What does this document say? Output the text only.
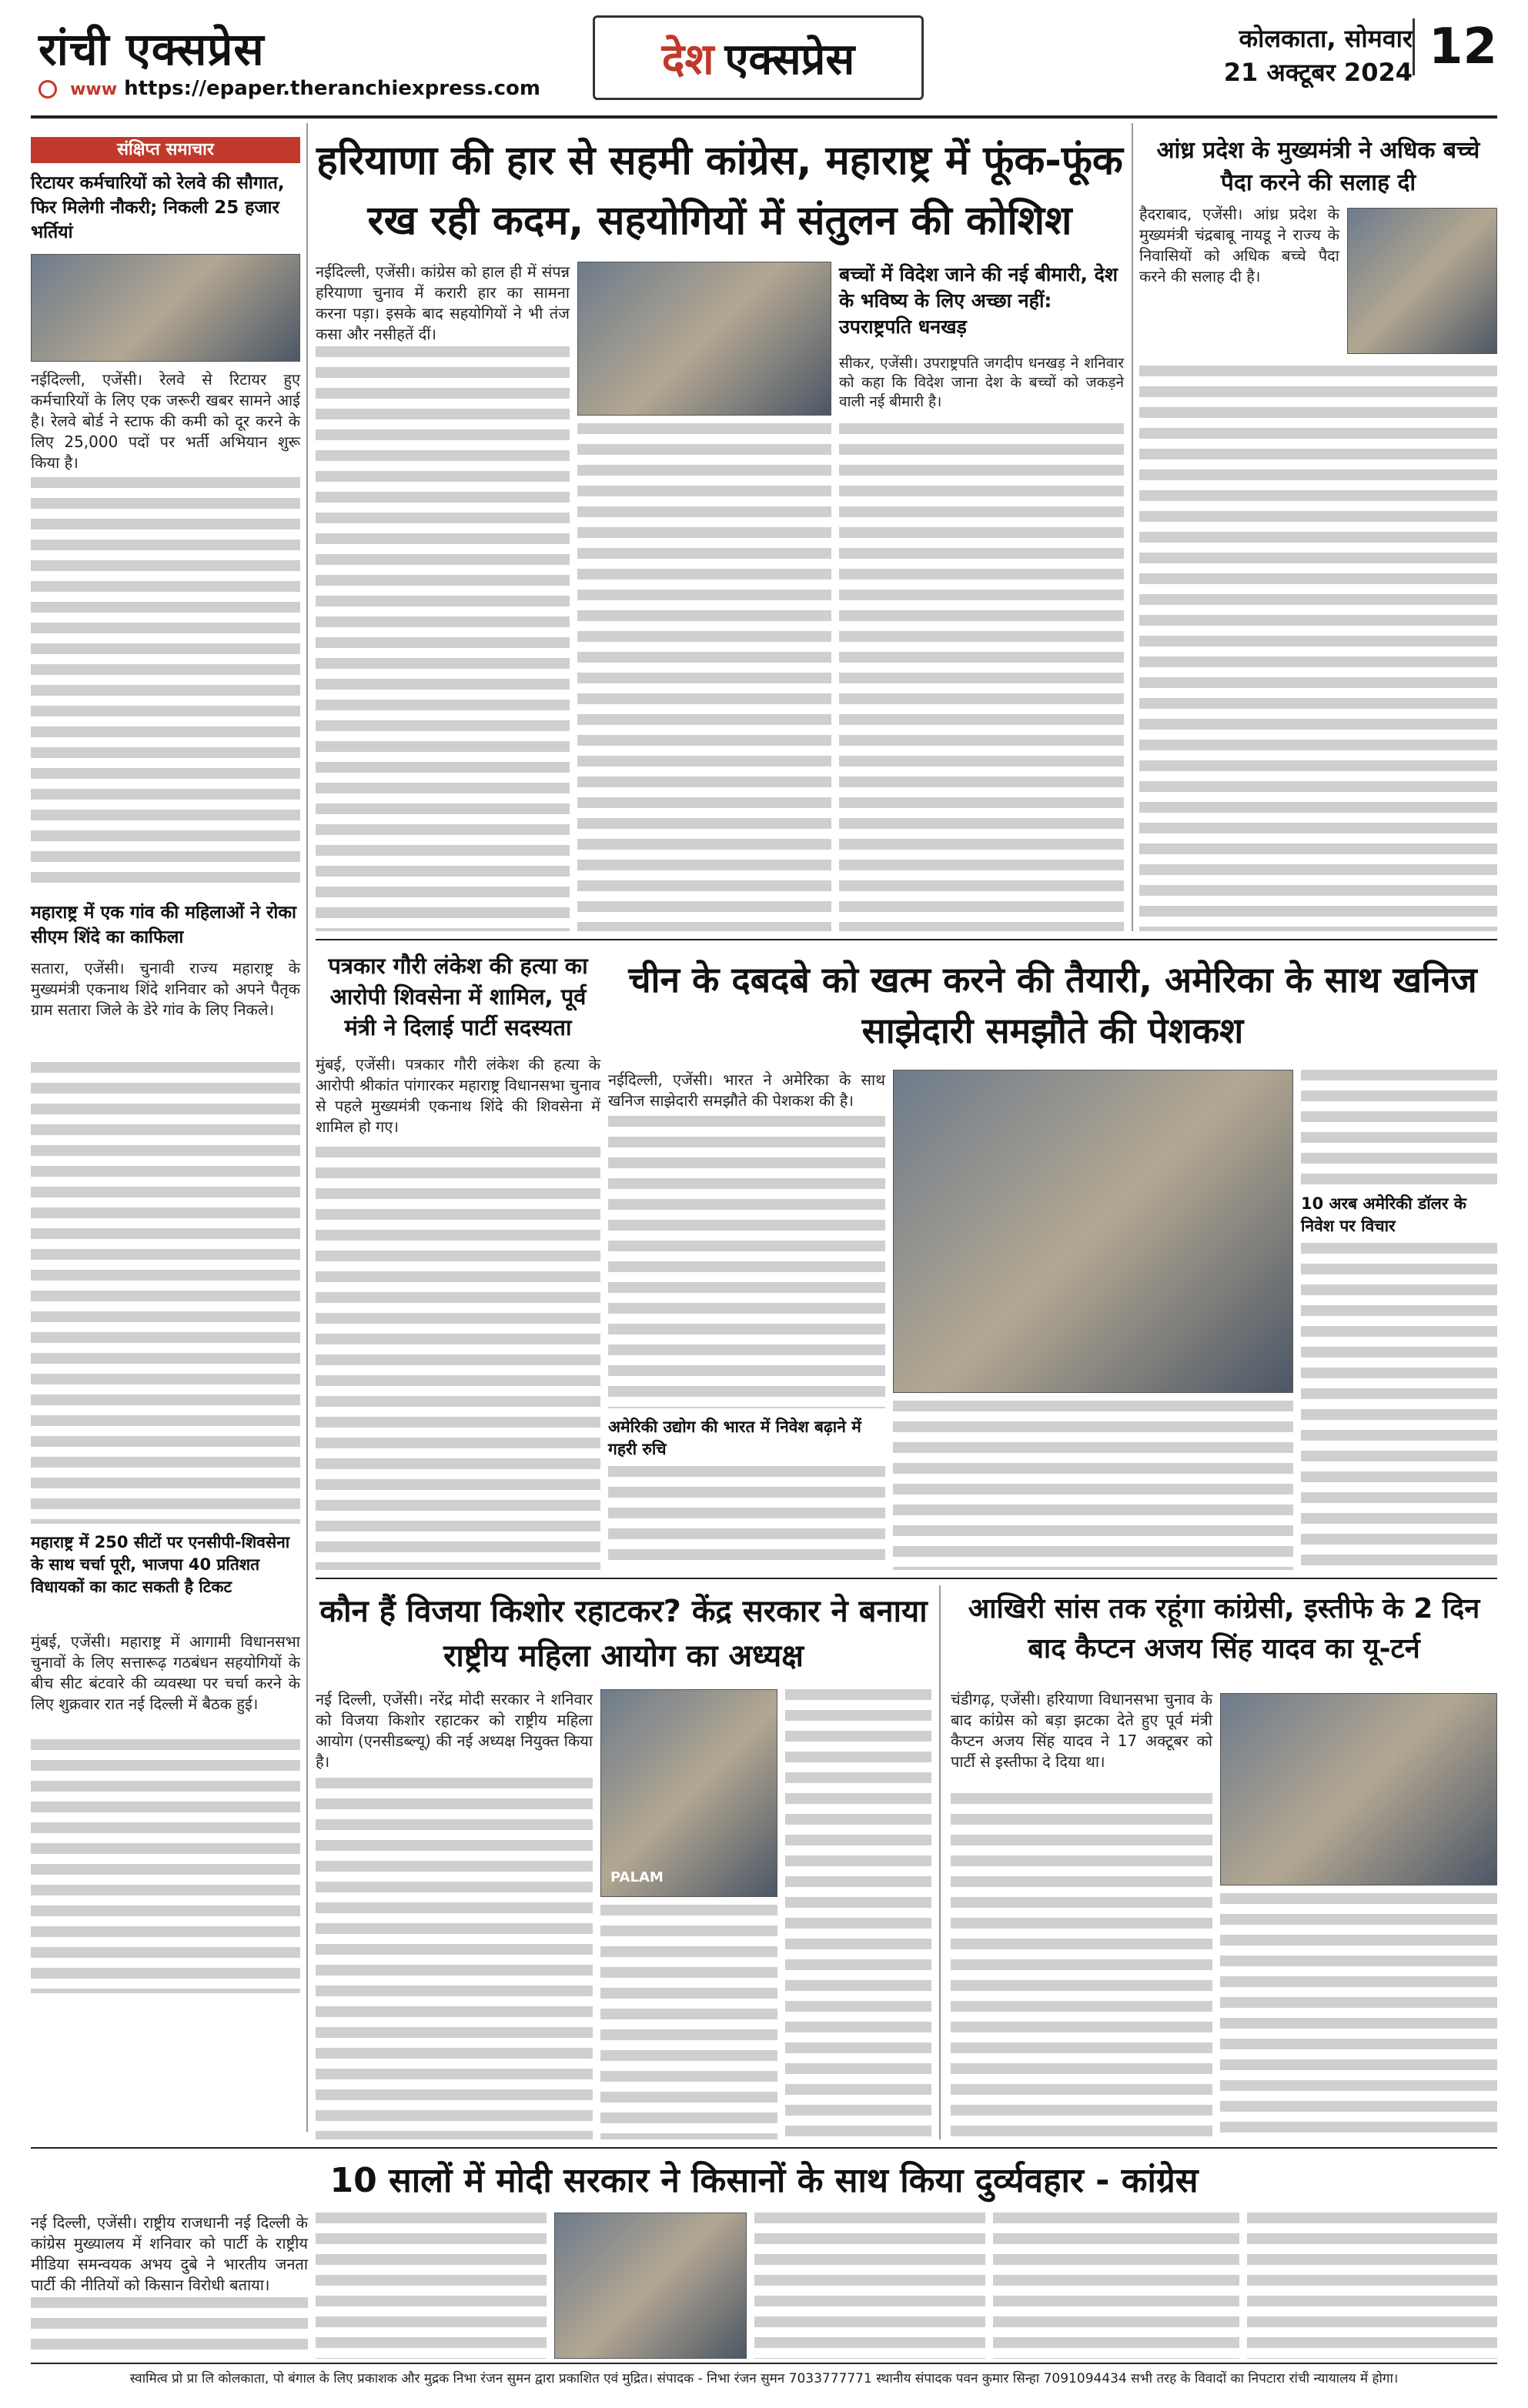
रांची एक्सप्रेस
www https://epaper.theranchiexpress.com
देश एक्सप्रेस	कोलकाता, सोमवार
21 अक्टूबर 2024 12
संक्षिप्त समाचार
रिटायर कर्मचारियों को रेलवे की सौगात, फिर मिलेगी नौकरी; निकली 25 हजार भर्तियां
नईदिल्ली, एजेंसी। रेलवे से रिटायर हुए कर्मचारियों के लिए एक जरूरी खबर सामने आई है। रेलवे बोर्ड ने स्टाफ की कमी को दूर करने के लिए 25,000 पदों पर भर्ती अभियान शुरू किया है।
महाराष्ट्र में एक गांव की महिलाओं ने रोका सीएम शिंदे का काफिला
सतारा, एजेंसी। चुनावी राज्य महाराष्ट्र के मुख्यमंत्री एकनाथ शिंदे शनिवार को अपने पैतृक ग्राम सतारा जिले के डेरे गांव के लिए निकले।
महाराष्ट्र में 250 सीटों पर एनसीपी-शिवसेना के साथ चर्चा पूरी, भाजपा 40 प्रतिशत विधायकों का काट सकती है टिकट
मुंबई, एजेंसी। महाराष्ट्र में आगामी विधानसभा चुनावों के लिए सत्तारूढ़ गठबंधन सहयोगियों के बीच सीट बंटवारे की व्यवस्था पर चर्चा करने के लिए शुक्रवार रात नई दिल्ली में बैठक हुई।
हरियाणा की हार से सहमी कांग्रेस, महाराष्ट्र में फूंक-फूंक रख रही कदम, सहयोगियों में संतुलन की कोशिश
नईदिल्ली, एजेंसी। कांग्रेस को हाल ही में संपन्न हरियाणा चुनाव में करारी हार का सामना करना पड़ा। इसके बाद सहयोगियों ने भी तंज कसा और नसीहतें दीं।
बच्चों में विदेश जाने की नई बीमारी, देश के भविष्य के लिए अच्छा नहीं: उपराष्ट्रपति धनखड़
सीकर, एजेंसी। उपराष्ट्रपति जगदीप धनखड़ ने शनिवार को कहा कि विदेश जाना देश के बच्चों को जकड़ने वाली नई बीमारी है।
आंध्र प्रदेश के मुख्यमंत्री ने अधिक बच्चे पैदा करने की सलाह दी
हैदराबाद, एजेंसी। आंध्र प्रदेश के मुख्यमंत्री चंद्रबाबू नायडू ने राज्य के निवासियों को अधिक बच्चे पैदा करने की सलाह दी है।
पत्रकार गौरी लंकेश की हत्या का आरोपी शिवसेना में शामिल, पूर्व मंत्री ने दिलाई पार्टी सदस्यता
मुंबई, एजेंसी। पत्रकार गौरी लंकेश की हत्या के आरोपी श्रीकांत पांगारकर महाराष्ट्र विधानसभा चुनाव से पहले मुख्यमंत्री एकनाथ शिंदे की शिवसेना में शामिल हो गए।
चीन के दबदबे को खत्म करने की तैयारी, अमेरिका के साथ खनिज साझेदारी समझौते की पेशकश
नईदिल्ली, एजेंसी। भारत ने अमेरिका के साथ खनिज साझेदारी समझौते की पेशकश की है।
अमेरिकी उद्योग की भारत में निवेश बढ़ाने में गहरी रुचि
10 अरब अमेरिकी डॉलर के निवेश पर विचार
कौन हैं विजया किशोर रहाटकर? केंद्र सरकार ने बनाया राष्ट्रीय महिला आयोग का अध्यक्ष
नई दिल्ली, एजेंसी। नरेंद्र मोदी सरकार ने शनिवार को विजया किशोर रहाटकर को राष्ट्रीय महिला आयोग (एनसीडब्ल्यू) की नई अध्यक्ष नियुक्त किया है।
PALAM
आखिरी सांस तक रहूंगा कांग्रेसी, इस्तीफे के 2 दिन बाद कैप्टन अजय सिंह यादव का यू-टर्न
चंडीगढ़, एजेंसी। हरियाणा विधानसभा चुनाव के बाद कांग्रेस को बड़ा झटका देते हुए पूर्व मंत्री कैप्टन अजय सिंह यादव ने 17 अक्टूबर को पार्टी से इस्तीफा दे दिया था।
10 सालों में मोदी सरकार ने किसानों के साथ किया दुर्व्यवहार - कांग्रेस
नई दिल्ली, एजेंसी। राष्ट्रीय राजधानी नई दिल्ली के कांग्रेस मुख्यालय में शनिवार को पार्टी के राष्ट्रीय मीडिया समन्वयक अभय दुबे ने भारतीय जनता पार्टी की नीतियों को किसान विरोधी बताया।
स्वामित्व प्रो प्रा लि कोलकाता, पो बंगाल के लिए प्रकाशक और मुद्रक निभा रंजन सुमन द्वारा प्रकाशित एवं मुद्रित। संपादक - निभा रंजन सुमन 7033777771 स्थानीय संपादक पवन कुमार सिन्हा 7091094434 सभी तरह के विवादों का निपटारा रांची न्यायालय में होगा।
